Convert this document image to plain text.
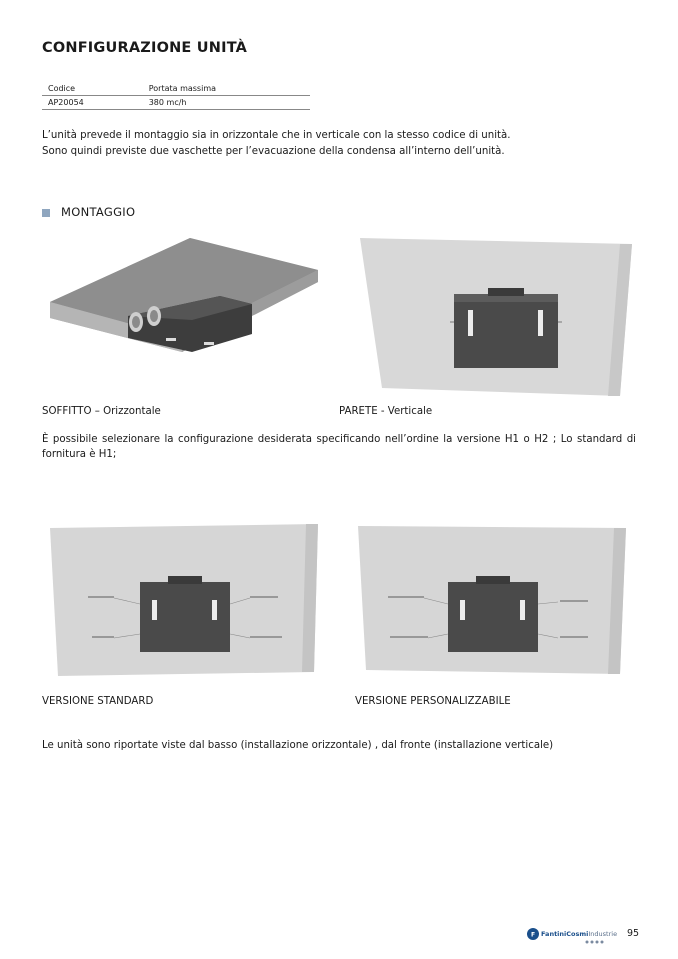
CONFIGURAZIONE UNITÀ
Codice	Portata massima
AP20054	380 mc/h
L’unità prevede il montaggio sia in orizzontale che in verticale con la stesso codice di unità.
Sono quindi previste due vaschette per l’evacuazione della condensa all’interno dell’unità.
MONTAGGIO
SOFFITTO – Orizzontale	PARETE - Verticale
È possibile selezionare la configurazione desiderata specificando nell’ordine la versione H1 o H2 ; Lo standard di fornitura è H1;
VERSIONE STANDARD	VERSIONE PERSONALIZZABILE
Le unità sono riportate viste dal basso (installazione orizzontale) , dal fronte (installazione verticale)
F FantiniCosmiIndustrie 95
